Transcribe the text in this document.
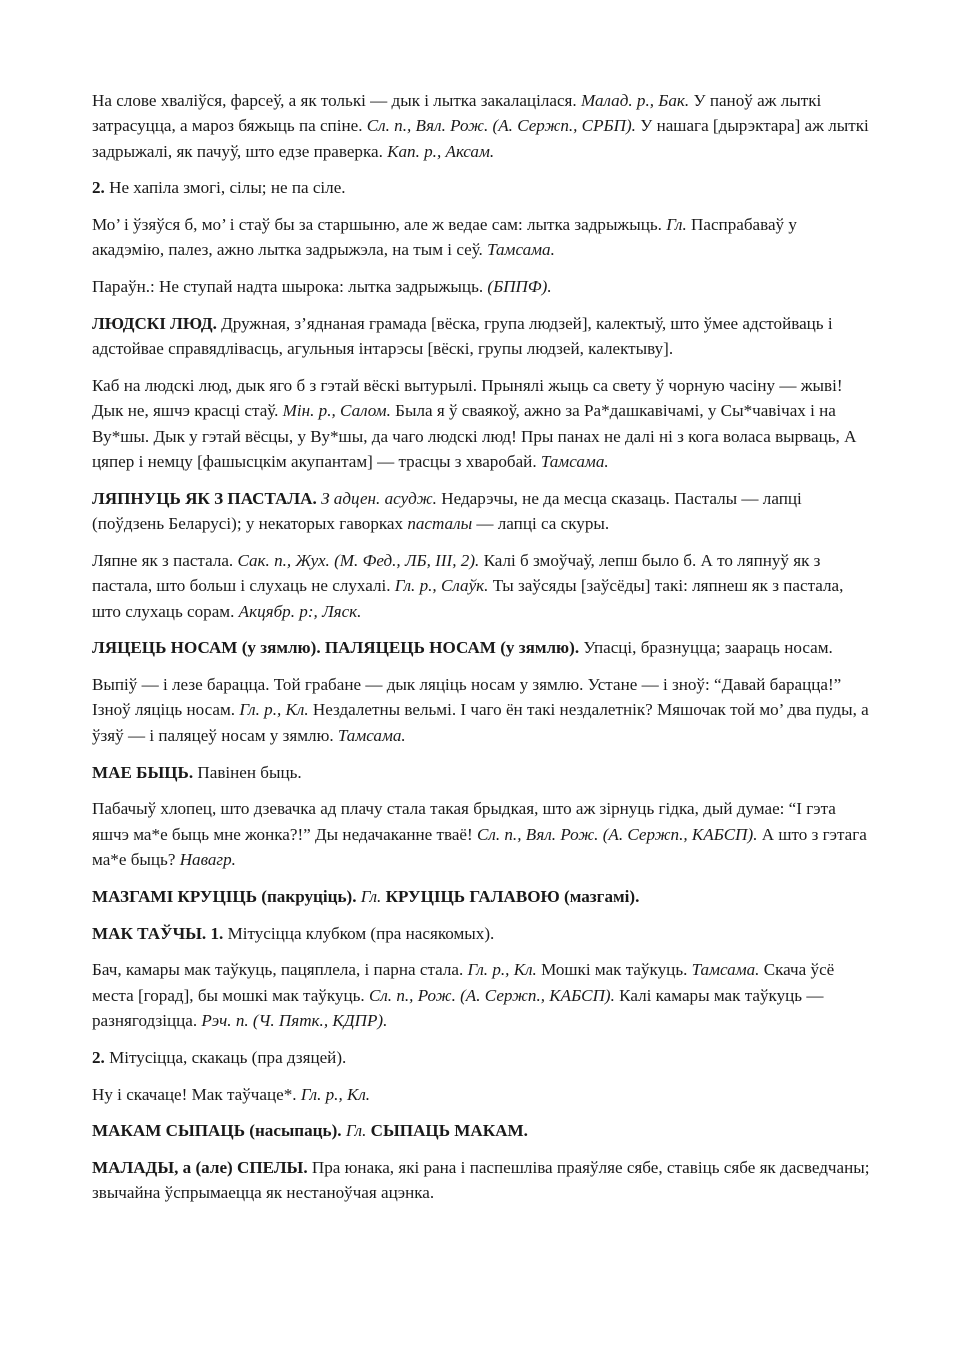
На слове хваліўся, фарсеў, а як толькі — дык і лытка закалацілася. Малад. р., Бак. У паноў аж лыткі затрасуцца, а мароз бяжыць па спіне. Сл. п., Вял. Рож. (А. Сержп., СРБП). У нашага [дырэктара] аж лыткі задрыжалі, як пачуў, што едзе праверка. Кап. р., Аксам.

2. Не хапіла змогі, сілы; не па сіле.

Мо’ і ўзяўся б, мо’ і стаў бы за старшыню, але ж ведае сам: лытка задрыжыць. Гл. Паспрабаваў у акадэмію, палез, ажно лытка задрыжэла, на тым і сеў. Тамсама.

Параўн.: Не ступай надта шырока: лытка задрыжыць. (БППФ).

ЛЮДСКІ ЛЮД. Дружная, з’яднаная грамада [вёска, група людзей], калектыў, што ўмее адстойваць і адстойвае справядлівасць, агульныя інтарэсы [вёскі, групы людзей, калектыву].

Каб на людскі люд, дык яго б з гэтай вёскі вытурылі. Прынялі жыць са свету ў чорную часіну — жыві! Дык не, яшчэ красці стаў. Мін. р., Салом. Была я ў сваякоў, ажно за Ра*дашкавічамі, у Сы*чавічах і на Ву*шы. Дык у гэтай вёсцы, у Ву*шы, да чаго людскі люд! Пры панах не далі ні з кога воласа вырваць, А цяпер і немцу [фашысцкім акупантам] — трасцы з хваробай. Тамсама.

ЛЯПНУЦЬ ЯК З ПАСТАЛА. З адцен. асудж. Недарэчы, не да месца сказаць. Пасталы — лапці (поўдзень Беларусі); у некаторых гаворках пасталы — лапці са скуры.

Ляпне як з пастала. Сак. п., Жух. (М. Фед., ЛБ, ІІІ, 2). Калі б змоўчаў, лепш было б. А то ляпнуў як з пастала, што больш і слухаць не слухалі. Гл. р., Слаўк. Ты заўсяды [заўсёды] такі: ляпнеш як з пастала, што слухаць сорам. Акцябр. р:, Ляск.

ЛЯЦЕЦЬ НОСАМ (у зямлю). ПАЛЯЦЕЦЬ НОСАМ (у зямлю). Упасці, бразнуцца; заараць носам.

Выпіў — і лезе барацца. Той грабане — дык ляціць носам у зямлю. Устане — і зноў: “Давай барацца!” Ізноў ляціць носам. Гл. р., Кл. Нездалетны вельмі. І чаго ён такі нездалетнік? Мяшочак той мо’ два пуды, а ўзяў — і паляцеў носам у зямлю. Тамсама.

МАЕ БЫЦЬ. Павінен быць.

Пабачыў хлопец, што дзевачка ад плачу стала такая брыдкая, што аж зірнуць гідка, дый думае: “І гэта яшчэ ма*е быць мне жонка?!” Ды недачаканне тваё! Сл. п., Вял. Рож. (А. Сержп., КАБСП). А што з гэтага ма*е быць? Навагр.

МАЗГАМІ КРУЦІЦЬ (пакруціць). Гл. КРУЦІЦЬ ГАЛАВОЮ (мазгамі).

МАК ТАЎЧЫ. 1. Мітусіцца клубком (пра насякомых).

Бач, камары мак таўкуць, пацяплела, і парна стала. Гл. р., Кл. Мошкі мак таўкуць. Тамсама. Скача ўсё места [горад], бы мошкі мак таўкуць. Сл. п., Рож. (А. Сержп., КАБСП). Калі камары мак таўкуць — разнягодзіцца. Рэч. п. (Ч. Пятк., КДПР).

2. Мітусіцца, скакаць (пра дзяцей).

Ну і скачаце! Мак таўчаце*. Гл. р., Кл.

МАКАМ СЫПАЦЬ (насыпаць). Гл. СЫПАЦЬ МАКАМ.

МАЛАДЫ, а (але) СПЕЛЫ. Пра юнака, які рана і паспешліва праяўляе сябе, ставіць сябе як дасведчаны; звычайна ўспрымаецца як нестаноўчая ацэнка.
